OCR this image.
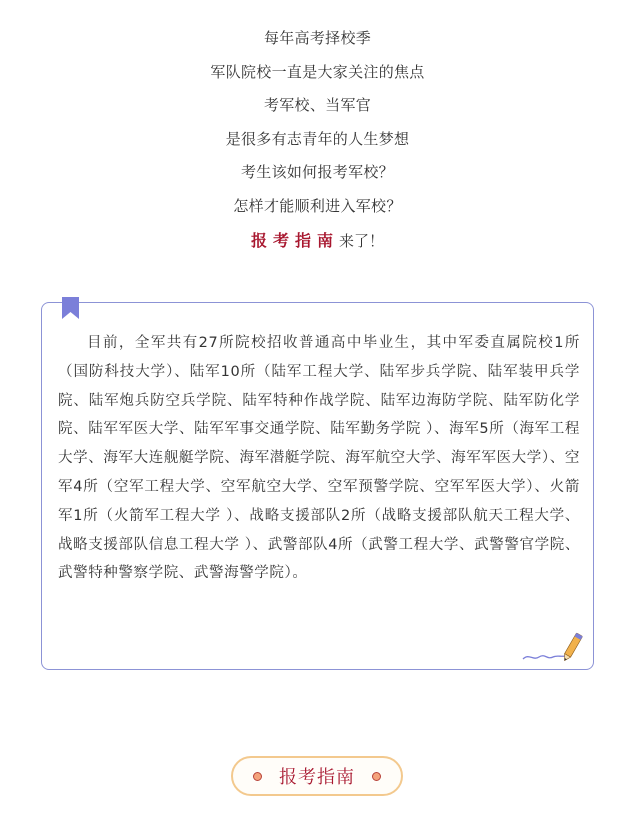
每年高考择校季
军队院校一直是大家关注的焦点
考军校、当军官
是很多有志青年的人生梦想
考生该如何报考军校？
怎样才能顺利进入军校？
报考指南来了！

目前，全军共有27所院校招收普通高中毕业生，其中军委直属院校1所（国防科技大学）、陆军10所（陆军工程大学、陆军步兵学院、陆军装甲兵学院、陆军炮兵防空兵学院、陆军特种作战学院、陆军边海防学院、陆军防化学院、陆军军医大学、陆军军事交通学院、陆军勤务学院 ）、海军5所（海军工程大学、海军大连舰艇学院、海军潜艇学院、海军航空大学、海军军医大学）、空军4所（空军工程大学、空军航空大学、空军预警学院、空军军医大学）、火箭军1所（火箭军工程大学 ）、战略支援部队2所（战略支援部队航天工程大学、战略支援部队信息工程大学 ）、武警部队4所（武警工程大学、武警警官学院、武警特种警察学院、武警海警学院）。

报考指南
